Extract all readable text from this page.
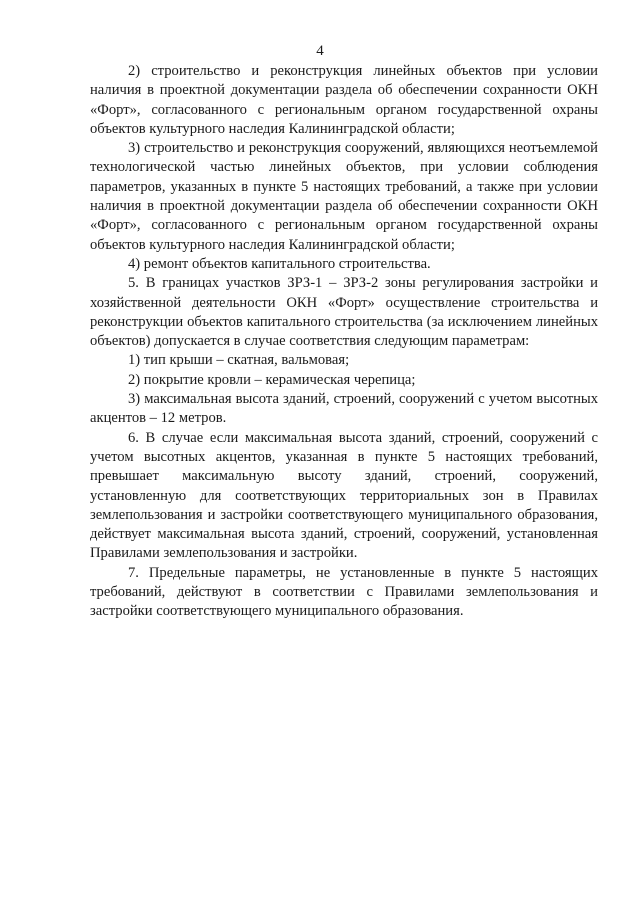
4

2) строительство и реконструкция линейных объектов при условии наличия в проектной документации раздела об обеспечении сохранности ОКН «Форт», согласованного с региональным органом государственной охраны объектов культурного наследия Калининградской области;

3) строительство и реконструкция сооружений, являющихся неотъемлемой технологической частью линейных объектов, при условии соблюдения параметров, указанных в пункте 5 настоящих требований, а также при условии наличия в проектной документации раздела об обеспечении сохранности ОКН «Форт», согласованного с региональным органом государственной охраны объектов культурного наследия Калининградской области;

4) ремонт объектов капитального строительства.

5. В границах участков ЗРЗ-1 – ЗРЗ-2 зоны регулирования застройки и хозяйственной деятельности ОКН «Форт» осуществление строительства и реконструкции объектов капитального строительства (за исключением линейных объектов) допускается в случае соответствия следующим параметрам:

1) тип крыши – скатная, вальмовая;

2) покрытие кровли – керамическая черепица;

3) максимальная высота зданий, строений, сооружений с учетом высотных акцентов – 12 метров.

6. В случае если максимальная высота зданий, строений, сооружений с учетом высотных акцентов, указанная в пункте 5 настоящих требований, превышает максимальную высоту зданий, строений, сооружений, установленную для соответствующих территориальных зон в Правилах землепользования и застройки соответствующего муниципального образования, действует максимальная высота зданий, строений, сооружений, установленная Правилами землепользования и застройки.

7. Предельные параметры, не установленные в пункте 5 настоящих требований, действуют в соответствии с Правилами землепользования и застройки соответствующего муниципального образования.
